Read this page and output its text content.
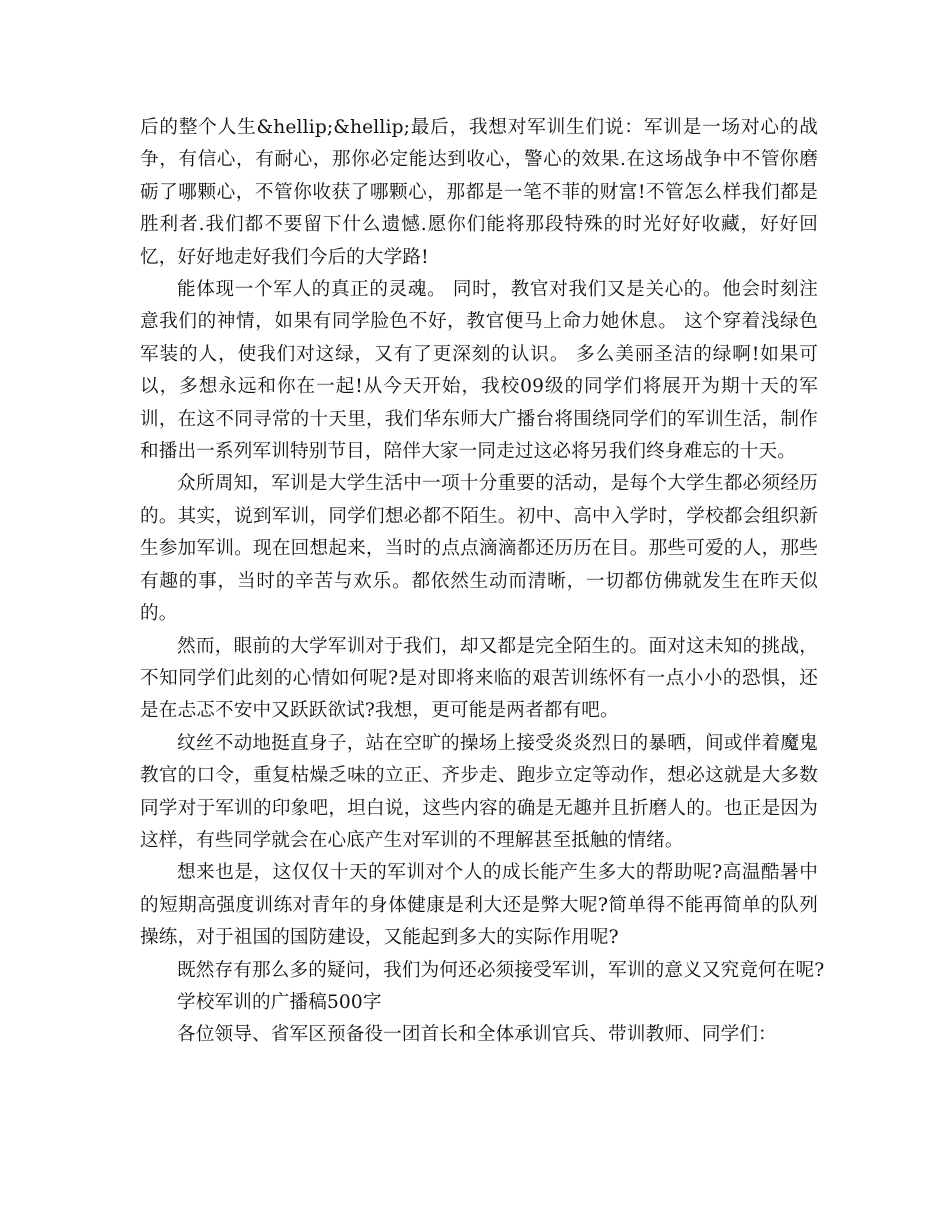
后的整个人生&hellip;&hellip;最后，我想对军训生们说：军训是一场对心的战争，有信心，有耐心，那你必定能达到收心，警心的效果.在这场战争中不管你磨砺了哪颗心，不管你收获了哪颗心，那都是一笔不菲的财富!不管怎么样我们都是胜利者.我们都不要留下什么遗憾.愿你们能将那段特殊的时光好好收藏，好好回忆，好好地走好我们今后的大学路!

能体现一个军人的真正的灵魂。 同时，教官对我们又是关心的。他会时刻注意我们的神情，如果有同学脸色不好，教官便马上命力她休息。 这个穿着浅绿色军装的人，使我们对这绿，又有了更深刻的认识。 多么美丽圣洁的绿啊!如果可以，多想永远和你在一起!从今天开始，我校09级的同学们将展开为期十天的军训，在这不同寻常的十天里，我们华东师大广播台将围绕同学们的军训生活，制作和播出一系列军训特别节目，陪伴大家一同走过这必将另我们终身难忘的十天。

众所周知，军训是大学生活中一项十分重要的活动，是每个大学生都必须经历的。其实，说到军训，同学们想必都不陌生。初中、高中入学时，学校都会组织新生参加军训。现在回想起来，当时的点点滴滴都还历历在目。那些可爱的人，那些有趣的事，当时的辛苦与欢乐。都依然生动而清晰，一切都仿佛就发生在昨天似的。

然而，眼前的大学军训对于我们，却又都是完全陌生的。面对这未知的挑战，不知同学们此刻的心情如何呢?是对即将来临的艰苦训练怀有一点小小的恐惧，还是在忐忑不安中又跃跃欲试?我想，更可能是两者都有吧。

纹丝不动地挺直身子，站在空旷的操场上接受炎炎烈日的暴晒，间或伴着魔鬼教官的口令，重复枯燥乏味的立正、齐步走、跑步立定等动作，想必这就是大多数同学对于军训的印象吧，坦白说，这些内容的确是无趣并且折磨人的。也正是因为这样，有些同学就会在心底产生对军训的不理解甚至抵触的情绪。

想来也是，这仅仅十天的军训对个人的成长能产生多大的帮助呢?高温酷暑中的短期高强度训练对青年的身体健康是利大还是弊大呢?简单得不能再简单的队列操练，对于祖国的国防建设，又能起到多大的实际作用呢?

既然存有那么多的疑问，我们为何还必须接受军训，军训的意义又究竟何在呢?

学校军训的广播稿500字

各位领导、省军区预备役一团首长和全体承训官兵、带训教师、同学们：
